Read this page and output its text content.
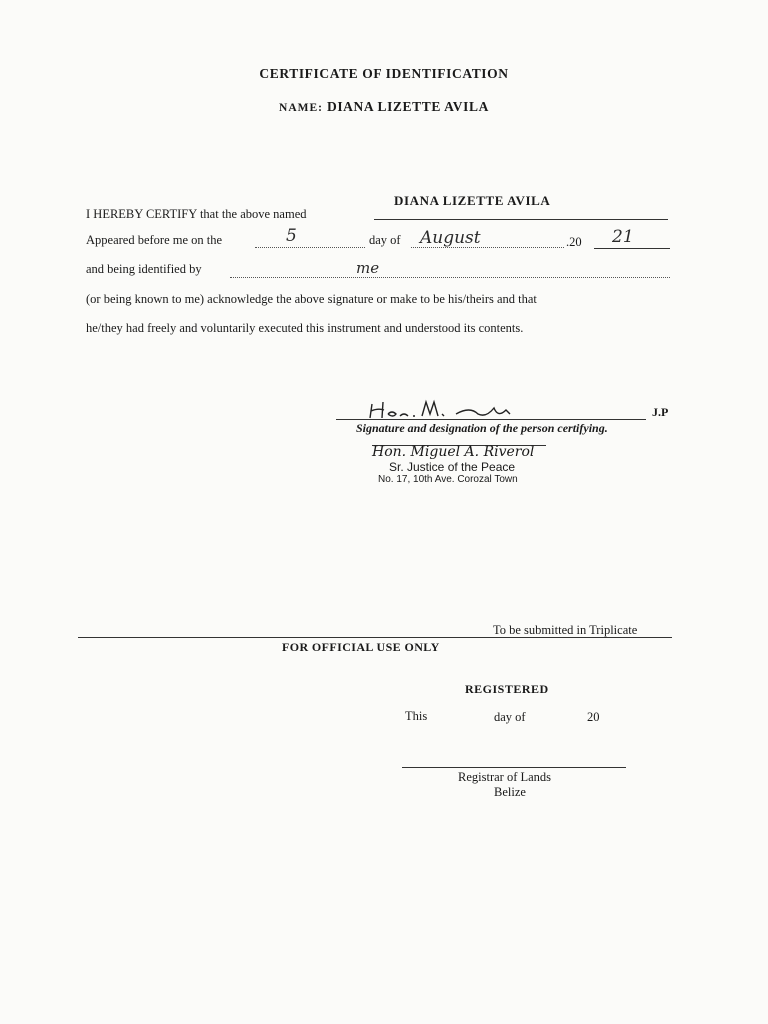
CERTIFICATE OF IDENTIFICATION
NAME: DIANA LIZETTE AVILA
DIANA LIZETTE AVILA
I HEREBY CERTIFY that the above named
Appeared before me on the	5	day of August	.20 21
and being identified by	me
(or being known to me) acknowledge the above signature or make to be his/theirs and that
he/they had freely and voluntarily executed this instrument and understood its contents.
J.P
Signature and designation of the person certifying.
Hon. Miguel A. Riverol
Sr. Justice of the Peace
No. 17, 10th Ave. Corozal Town
To be submitted in Triplicate
FOR OFFICIAL USE ONLY
REGISTERED
This	day of	20
Registrar of Lands
Belize
